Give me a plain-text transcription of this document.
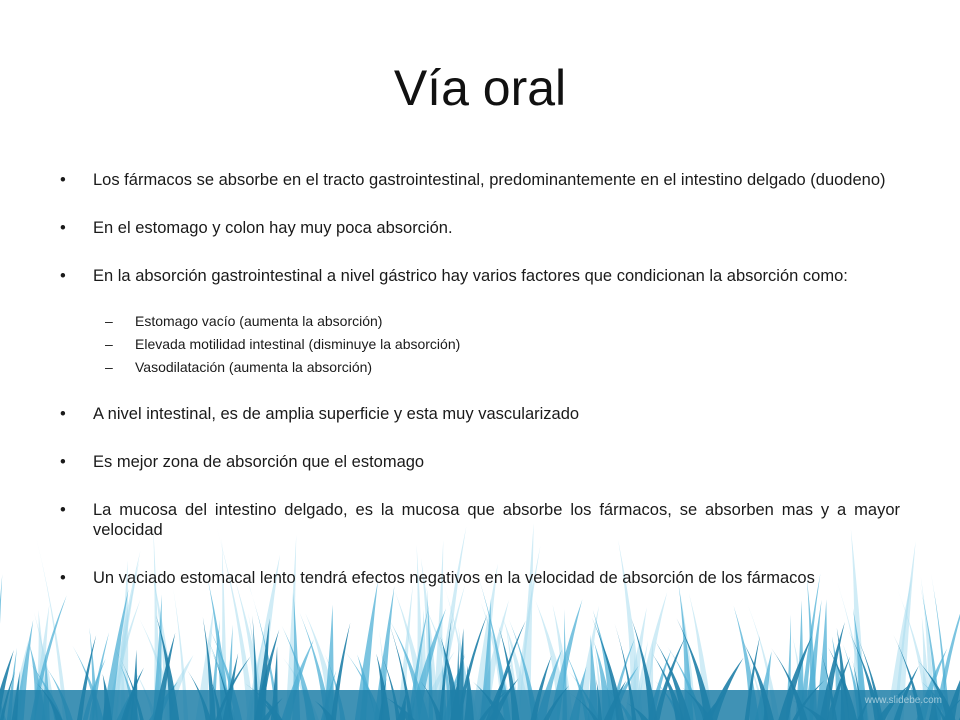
Vía oral
•	Los fármacos se absorbe en el tracto gastrointestinal, predominantemente en el intestino delgado (duodeno)
•	En el estomago y colon hay muy poca absorción.
•	En la absorción gastrointestinal a nivel gástrico hay varios factores que condicionan la absorción como:
– Estomago vacío (aumenta la absorción)
– Elevada motilidad intestinal (disminuye la absorción)
– Vasodilatación (aumenta la absorción)
•	A nivel intestinal, es de amplia superficie y esta muy vascularizado
•	Es mejor zona de absorción que el estomago
•	La mucosa del intestino delgado, es la mucosa que absorbe los fármacos, se absorben mas y a mayor velocidad
•	Un vaciado estomacal lento tendrá efectos negativos en la velocidad de absorción de los fármacos
www.slidebe.com
